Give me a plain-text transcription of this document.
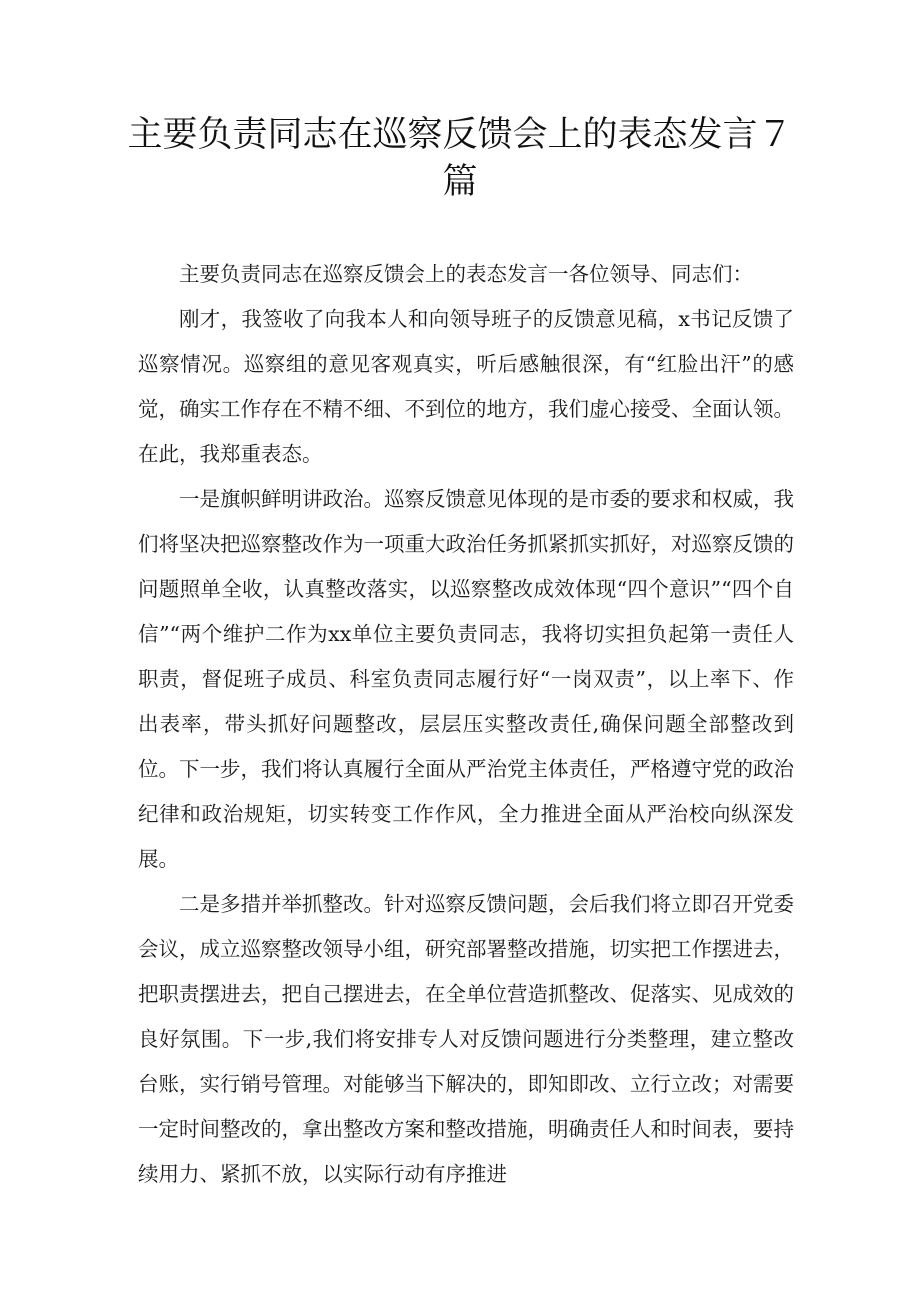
主要负责同志在巡察反馈会上的表态发言７
篇

主要负责同志在巡察反馈会上的表态发言一各位领导、同志们：

刚才，我签收了向我本人和向领导班子的反馈意见稿，x书记反馈了巡察情况。巡察组的意见客观真实，听后感触很深，有“红脸出汗”的感觉，确实工作存在不精不细、不到位的地方，我们虚心接受、全面认领。在此，我郑重表态。

一是旗帜鲜明讲政治。巡察反馈意见体现的是市委的要求和权威，我们将坚决把巡察整改作为一项重大政治任务抓紧抓实抓好，对巡察反馈的问题照单全收，认真整改落实，以巡察整改成效体现“四个意识”“四个自信”“两个维护二作为xx单位主要负责同志，我将切实担负起第一责任人职责，督促班子成员、科室负责同志履行好“一岗双责”，以上率下、作出表率，带头抓好问题整改，层层压实整改责任,确保问题全部整改到位。下一步，我们将认真履行全面从严治党主体责任，严格遵守党的政治纪律和政治规矩，切实转变工作作风，全力推进全面从严治校向纵深发展。

二是多措并举抓整改。针对巡察反馈问题，会后我们将立即召开党委会议，成立巡察整改领导小组，研究部署整改措施，切实把工作摆进去，把职责摆进去，把自己摆进去，在全单位营造抓整改、促落实、见成效的良好氛围。下一步,我们将安排专人对反馈问题进行分类整理，建立整改台账，实行销号管理。对能够当下解决的，即知即改、立行立改；对需要一定时间整改的，拿出整改方案和整改措施，明确责任人和时间表，要持续用力、紧抓不放，以实际行动有序推进
